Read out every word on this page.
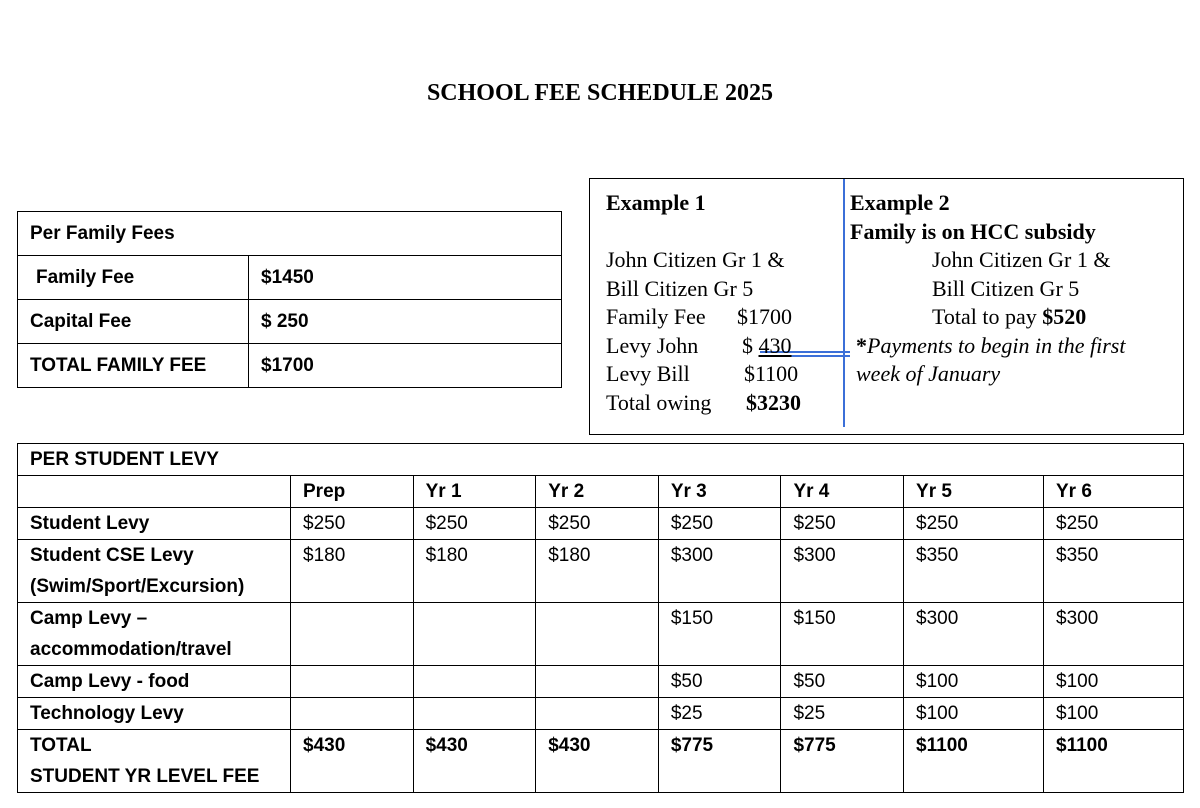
SCHOOL FEE SCHEDULE 2025
Per Family Fees	
Family Fee	$1450
Capital Fee	$ 250
TOTAL FAMILY FEE	$1700
Example 1

John Citizen Gr 1 &
Bill Citizen Gr 5
Family Fee $1700
Levy John $ 430
Levy Bill $1100
Total owing $3230
Example 2
Family is on HCC subsidy
John Citizen Gr 1 &
Bill Citizen Gr 5
Total to pay $520
*Payments to begin in the first
week of January
PER STUDENT LEVY							
	Prep	Yr 1	Yr 2	Yr 3	Yr 4	Yr 5	Yr 6
Student Levy	$250	$250	$250	$250	$250	$250	$250

Student CSE Levy
(Swim/Sport/Excursion)	$180	$180	$180	$300	$300	$350	$350

Camp Levy –
accommodation/travel				$150	$150	$300	$300
Camp Levy - food				$50	$50	$100	$100
Technology Levy				$25	$25	$100	$100

TOTAL
STUDENT YR LEVEL FEE	$430	$430	$430	$775	$775	$1100	$1100
